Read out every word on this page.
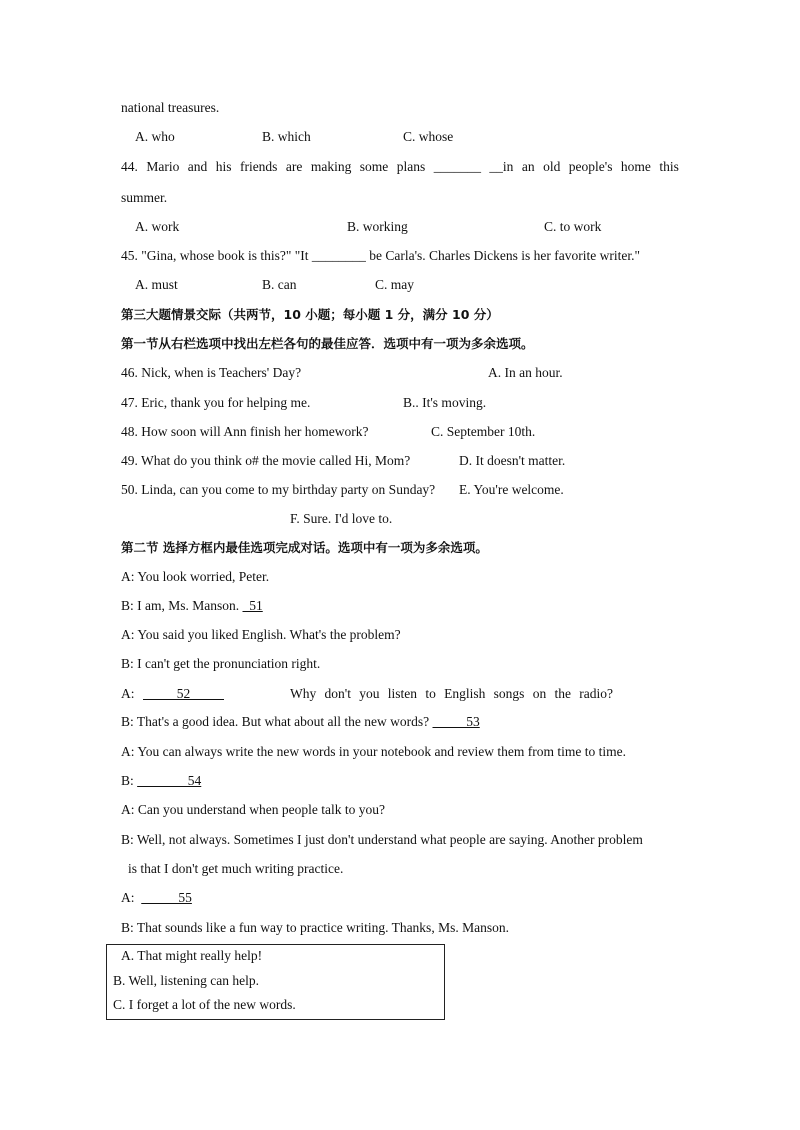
national treasures.
A. who	B. which	C. whose
44. Mario and his friends are making some plans _______ __in an old people's home this
summer.
A. work	B. working	C. to work
45. "Gina, whose book is this?" "It ________ be Carla's. Charles Dickens is her favorite writer."
A. must	B. can	C. may
第三大题情景交际（共两节，10 小题；每小题 1 分，满分 10 分）
第一节从右栏选项中找出左栏各句的最佳应答．选项中有一项为多余选项。
46. Nick, when is Teachers' Day?	A. In an hour.
47. Eric, thank you for helping me.	B.. It's moving.
48. How soon will Ann finish her homework?	C. September 10th.
49. What do you think o# the movie called Hi, Mom?	D. It doesn't matter.
50. Linda, can you come to my birthday party on Sunday? E. You're welcome.
F. Sure. I'd love to.
第二节 选择方框内最佳选项完成对话。选项中有一项为多余选项。
A: You look worried, Peter.
B: I am, Ms. Manson.   51
A: You said you liked English. What's the problem?
B: I can't get the pronunciation right.
A: 52	Why don't you listen to English songs on the radio?
B: That's a good idea. But what about all the new words?           53
A: You can always write the new words in your notebook and review them from time to time.
B:                54
A: Can you understand when people talk to you?
B: Well, not always. Sometimes I just don't understand what people are saying. Another problem
is that I don't get much writing practice.
A:             55
B: That sounds like a fun way to practice writing. Thanks, Ms. Manson.
A. That might really help!
B. Well, listening can help.
C. I forget a lot of the new words.
